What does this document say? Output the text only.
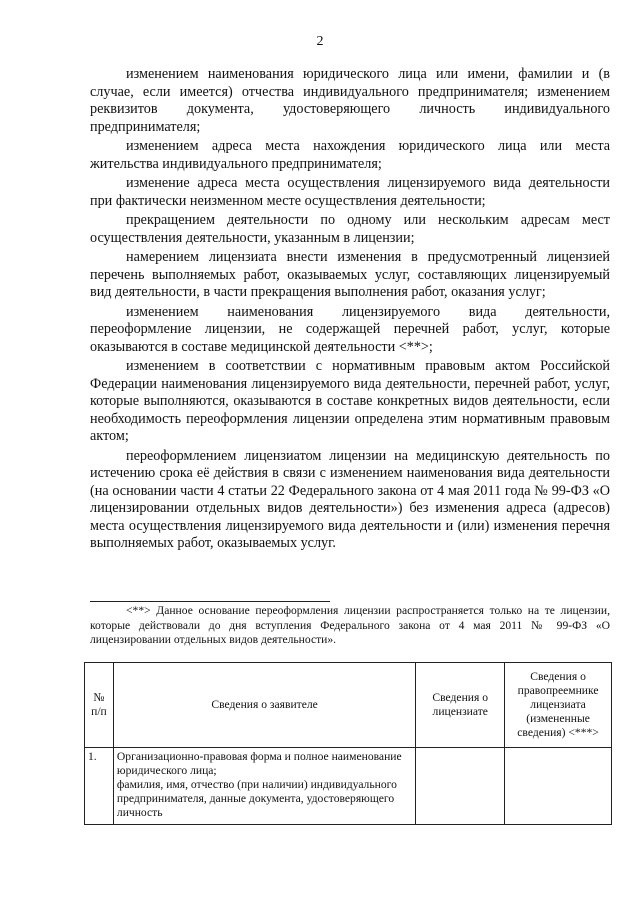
2

изменением наименования юридического лица или имени, фамилии и (в случае, если имеется) отчества индивидуального предпринимателя; изменением реквизитов документа, удостоверяющего личность индивидуального предпринимателя;

изменением адреса места нахождения юридического лица или места жительства индивидуального предпринимателя;

изменение адреса места осуществления лицензируемого вида деятельности при фактически неизменном месте осуществления деятельности;

прекращением деятельности по одному или нескольким адресам мест осуществления деятельности, указанным в лицензии;

намерением лицензиата внести изменения в предусмотренный лицензией перечень выполняемых работ, оказываемых услуг, составляющих лицензируемый вид деятельности, в части прекращения выполнения работ, оказания услуг;

изменением наименования лицензируемого вида деятельности, переоформление лицензии, не содержащей перечней работ, услуг, которые оказываются в составе медицинской деятельности <**>;

изменением в соответствии с нормативным правовым актом Российской Федерации наименования лицензируемого вида деятельности, перечней работ, услуг, которые выполняются, оказываются в составе конкретных видов деятельности, если необходимость переоформления лицензии определена этим нормативным правовым актом;

переоформлением лицензиатом лицензии на медицинскую деятельность по истечению срока её действия в связи с изменением наименования вида деятельности (на основании части 4 статьи 22 Федерального закона от 4 мая 2011 года № 99-ФЗ «О лицензировании отдельных видов деятельности») без изменения адреса (адресов) места осуществления лицензируемого вида деятельности и (или) изменения перечня выполняемых работ, оказываемых услуг.

<**> Данное основание переоформления лицензии распространяется только на те лицензии, которые действовали до дня вступления Федерального закона от 4 мая 2011 № 99-ФЗ «О лицензировании отдельных видов деятельности».

№ п/п	Сведения о заявителе	Сведения о лицензиате	Сведения о правопреемнике лицензиата (измененные сведения) <***>
1.	Организационно-правовая форма и полное наименование юридического лица;
фамилия, имя, отчество (при наличии) индивидуального предпринимателя, данные документа, удостоверяющего личность		
